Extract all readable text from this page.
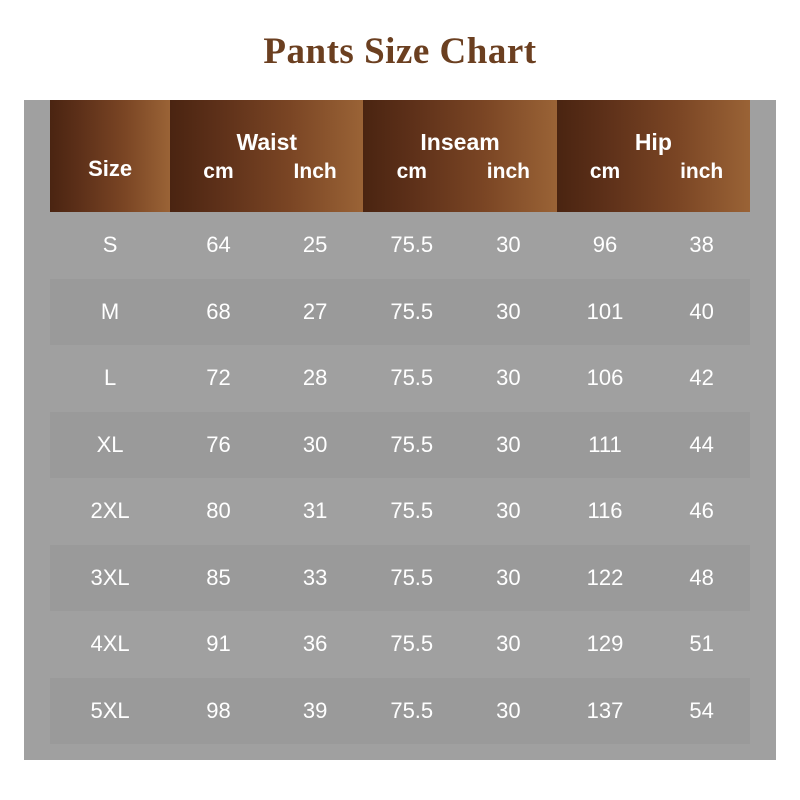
Pants Size Chart
Size	
Waist
cm	Inch

Inseam
cm	inch

Hip
cm	inch

S	64 25	75.5 30	96 38

M	68 27	75.5 30	101 40

L	72 28	75.5 30	106 42

XL	76 30	75.5 30	111 44

2XL	80 31	75.5 30	116 46

3XL	85 33	75.5 30	122 48

4XL	91 36	75.5 30	129 51

5XL	98 39	75.5 30	137 54
